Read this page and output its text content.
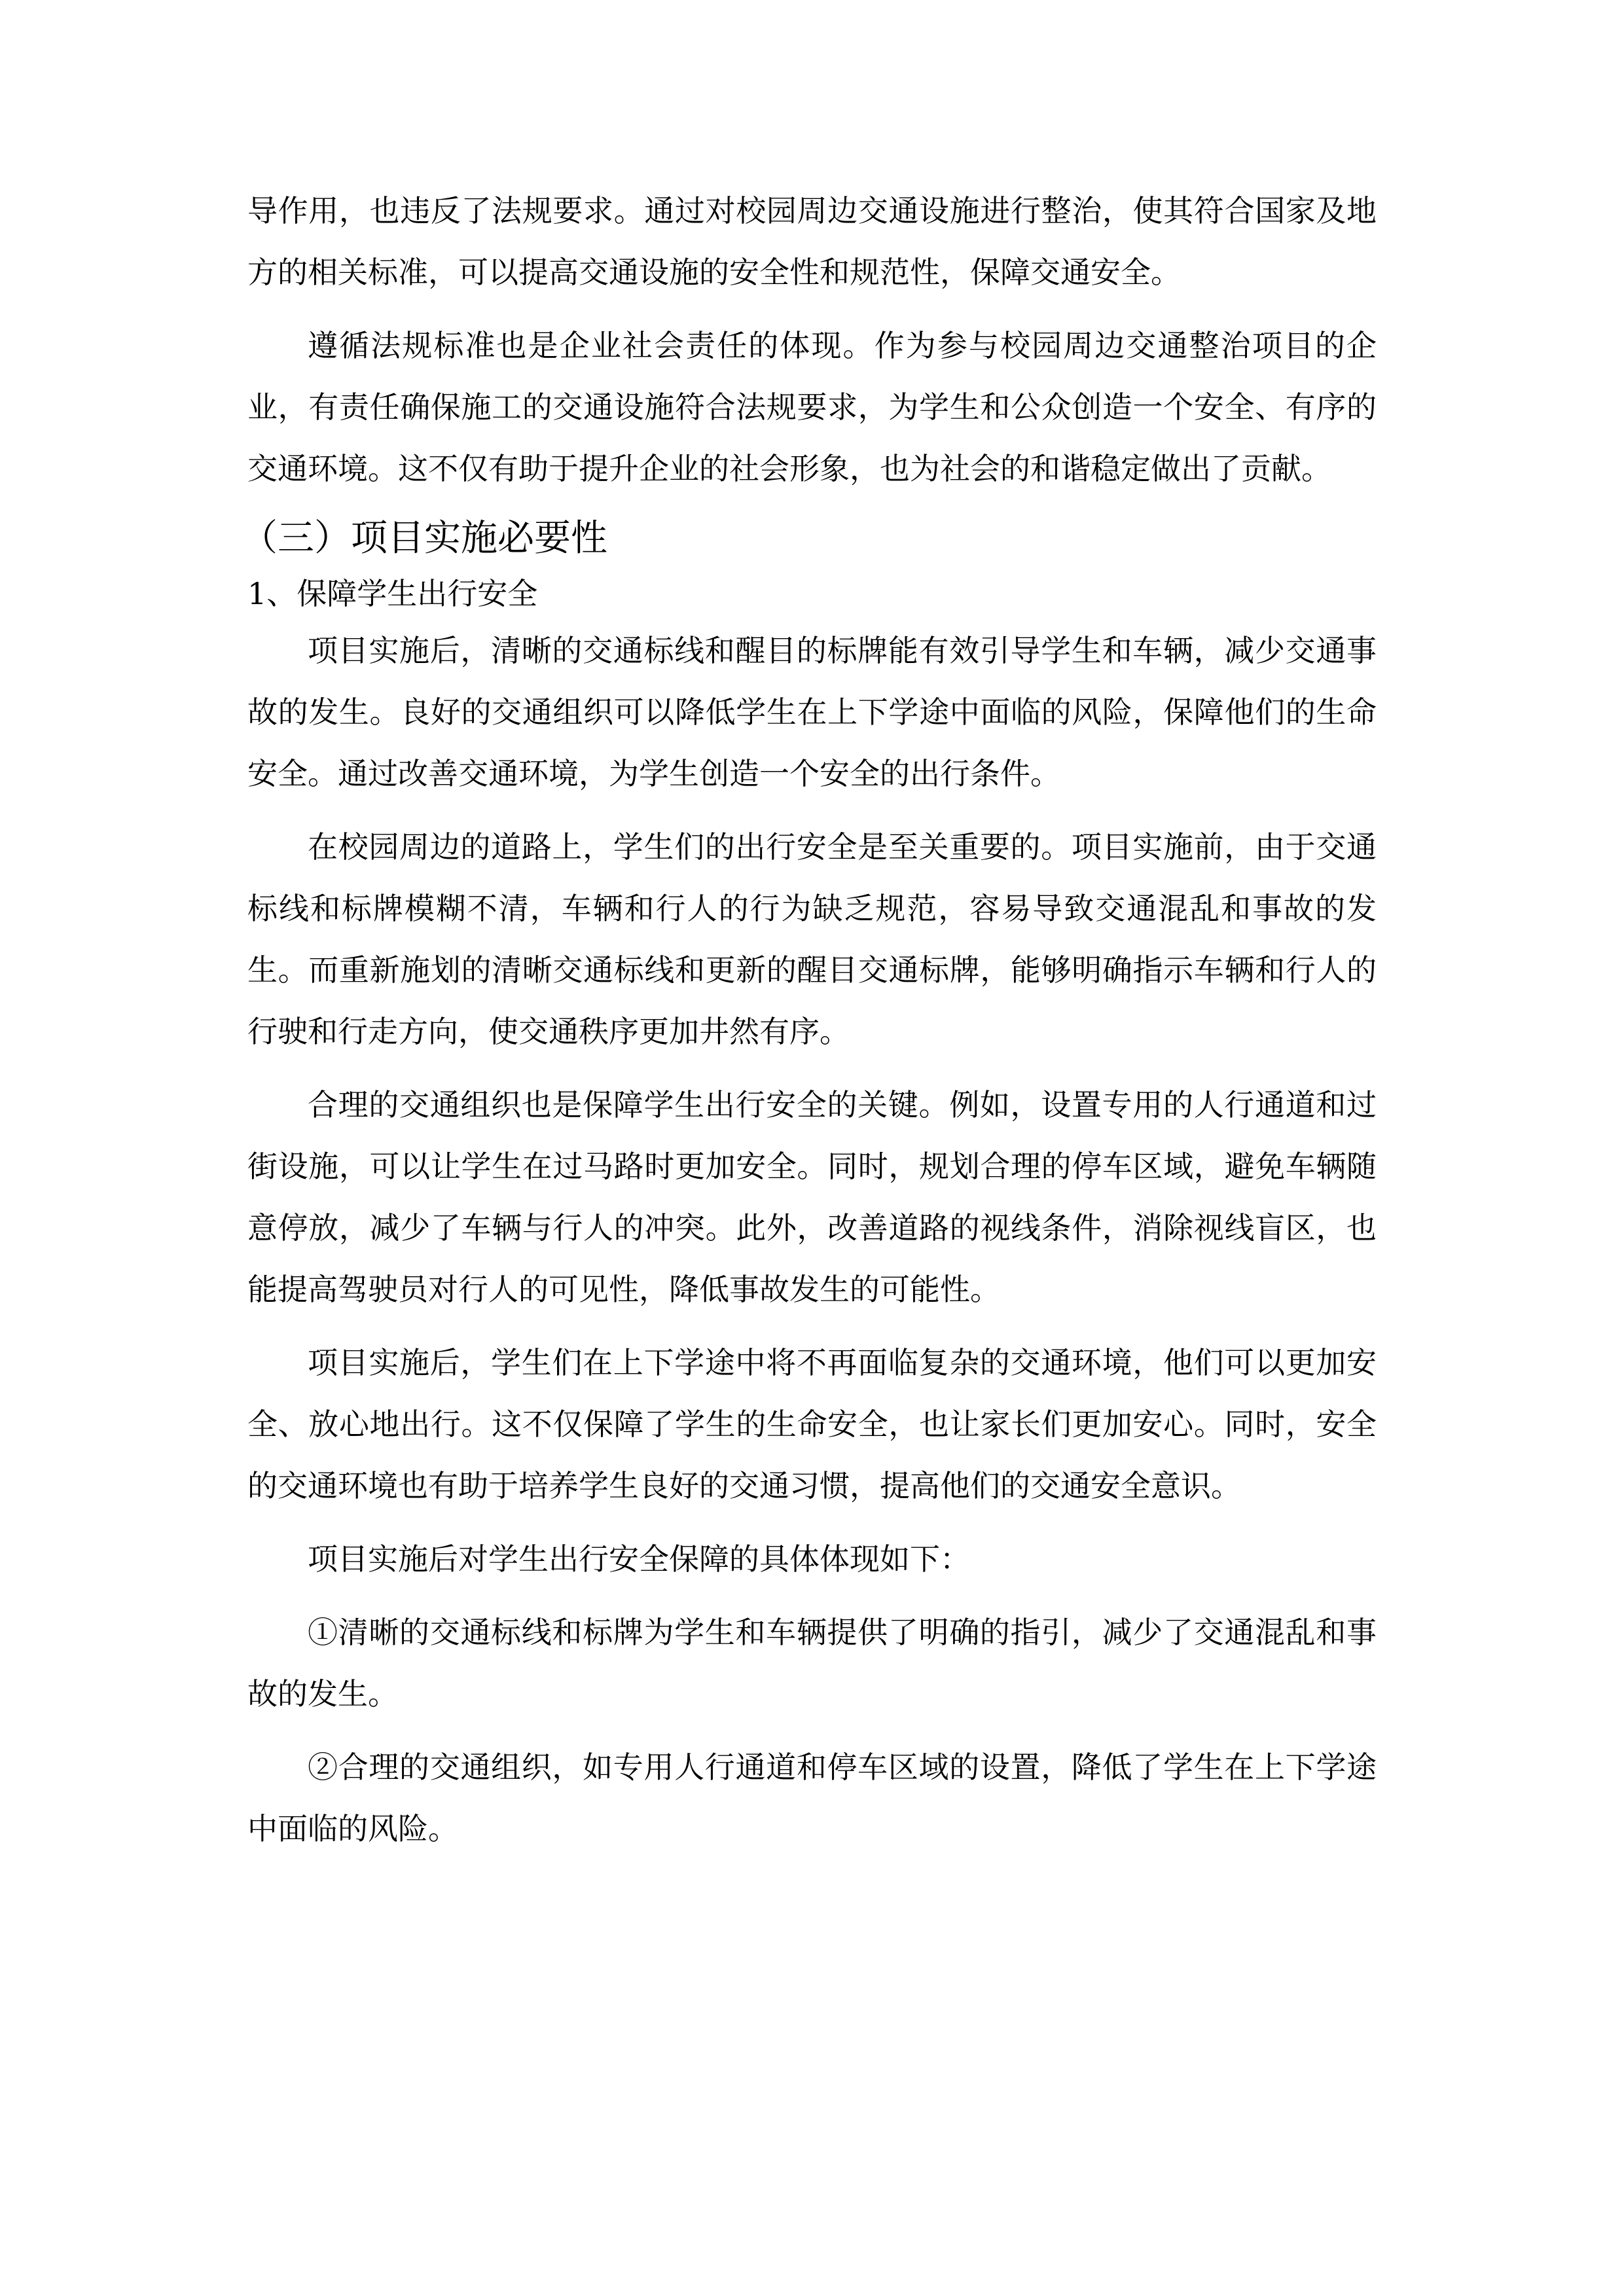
导作用，也违反了法规要求。通过对校园周边交通设施进行整治，使其符合国家及地方的相关标准，可以提高交通设施的安全性和规范性，保障交通安全。

遵循法规标准也是企业社会责任的体现。作为参与校园周边交通整治项目的企业，有责任确保施工的交通设施符合法规要求，为学生和公众创造一个安全、有序的交通环境。这不仅有助于提升企业的社会形象，也为社会的和谐稳定做出了贡献。

（三）项目实施必要性
1、保障学生出行安全

项目实施后，清晰的交通标线和醒目的标牌能有效引导学生和车辆，减少交通事故的发生。良好的交通组织可以降低学生在上下学途中面临的风险，保障他们的生命安全。通过改善交通环境，为学生创造一个安全的出行条件。

在校园周边的道路上，学生们的出行安全是至关重要的。项目实施前，由于交通标线和标牌模糊不清，车辆和行人的行为缺乏规范，容易导致交通混乱和事故的发生。而重新施划的清晰交通标线和更新的醒目交通标牌，能够明确指示车辆和行人的行驶和行走方向，使交通秩序更加井然有序。

合理的交通组织也是保障学生出行安全的关键。例如，设置专用的人行通道和过街设施，可以让学生在过马路时更加安全。同时，规划合理的停车区域，避免车辆随意停放，减少了车辆与行人的冲突。此外，改善道路的视线条件，消除视线盲区，也能提高驾驶员对行人的可见性，降低事故发生的可能性。

项目实施后，学生们在上下学途中将不再面临复杂的交通环境，他们可以更加安全、放心地出行。这不仅保障了学生的生命安全，也让家长们更加安心。同时，安全的交通环境也有助于培养学生良好的交通习惯，提高他们的交通安全意识。

项目实施后对学生出行安全保障的具体体现如下：

①清晰的交通标线和标牌为学生和车辆提供了明确的指引，减少了交通混乱和事故的发生。

②合理的交通组织，如专用人行通道和停车区域的设置，降低了学生在上下学途中面临的风险。
